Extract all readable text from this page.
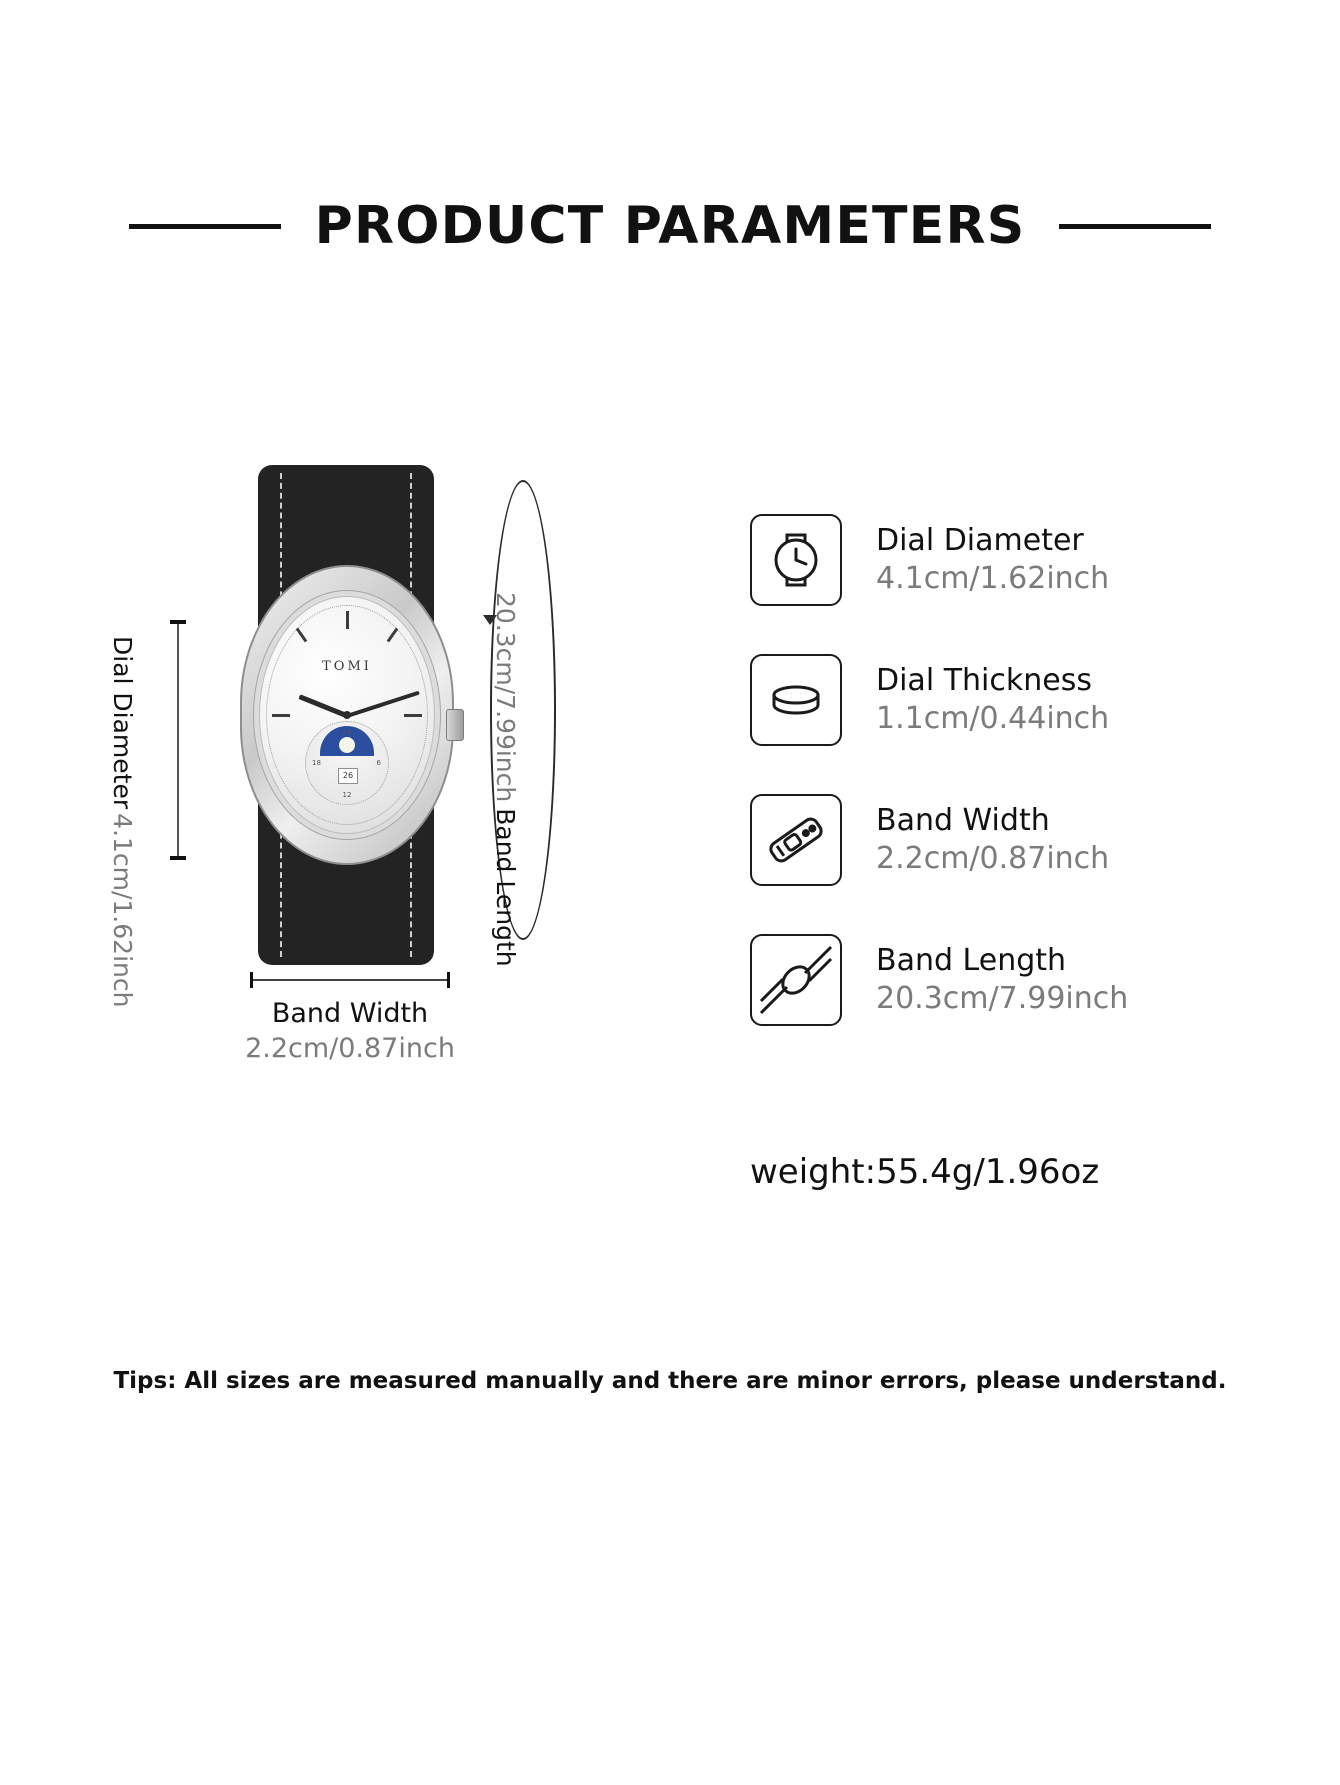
PRODUCT PARAMETERS
Dial Diameter
4.1cm/1.62inch
TOMI
24
6
18
12
26	20.3cm/7.99inch
Band Length
Band Width
2.2cm/0.87inch
Dial Diameter
4.1cm/1.62inch
Dial Thickness
1.1cm/0.44inch
Band Width
2.2cm/0.87inch
Band Length
20.3cm/7.99inch
weight:55.4g/1.96oz
Tips: All sizes are measured manually and there are minor errors, please understand.
